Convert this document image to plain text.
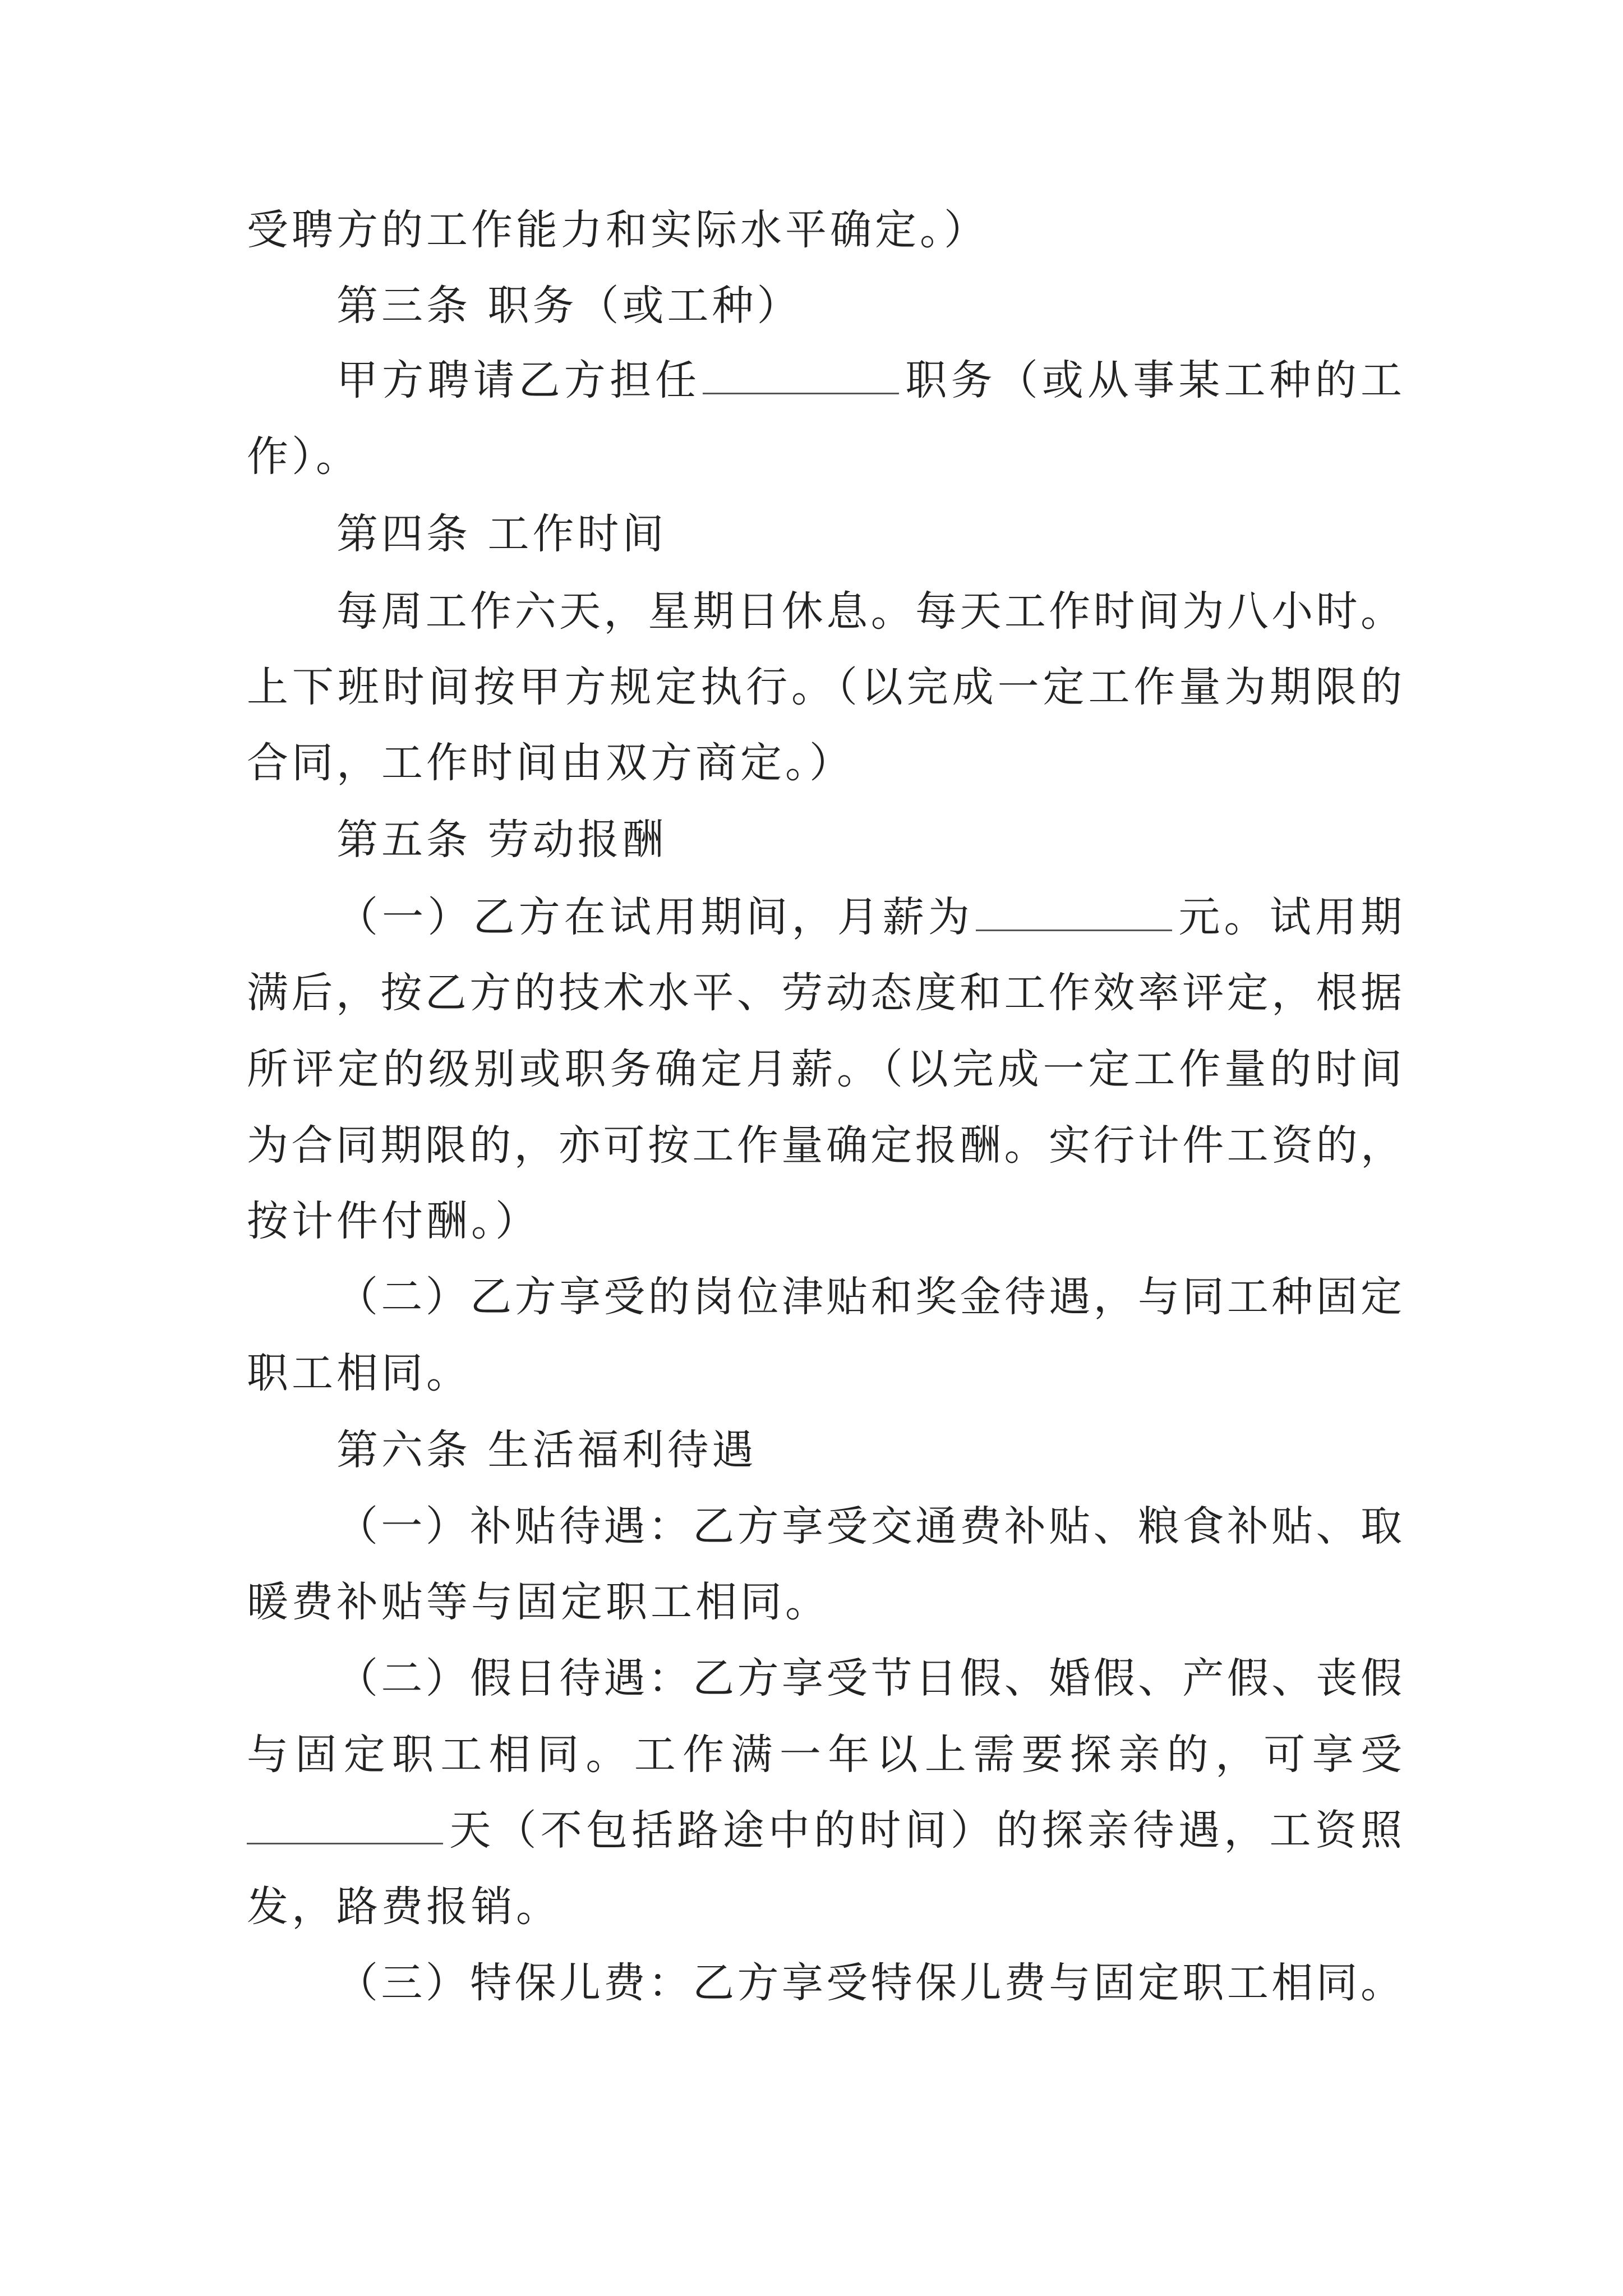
受聘方的工作能力和实际水平确定。）
第三条 职务（或工种）
甲方聘请乙方担任	职务（或从事某工种的工
作）。
第四条 工作时间
每周工作六天，星期日休息。每天工作时间为八小时。
上下班时间按甲方规定执行。（以完成一定工作量为期限的
合同，工作时间由双方商定。）
第五条 劳动报酬
（一）乙方在试用期间，月薪为	元。试用期
满后，按乙方的技术水平、劳动态度和工作效率评定，根据
所评定的级别或职务确定月薪。（以完成一定工作量的时间
为合同期限的，亦可按工作量确定报酬。实行计件工资的，
按计件付酬。）
（二）乙方享受的岗位津贴和奖金待遇，与同工种固定
职工相同。
第六条 生活福利待遇
（一）补贴待遇：乙方享受交通费补贴、粮食补贴、取
暖费补贴等与固定职工相同。
（二）假日待遇：乙方享受节日假、婚假、产假、丧假
与固定职工相同。工作满一年以上需要探亲的，可享受
天（不包括路途中的时间）的探亲待遇，工资照
发，路费报销。
（三）特保儿费：乙方享受特保儿费与固定职工相同。
